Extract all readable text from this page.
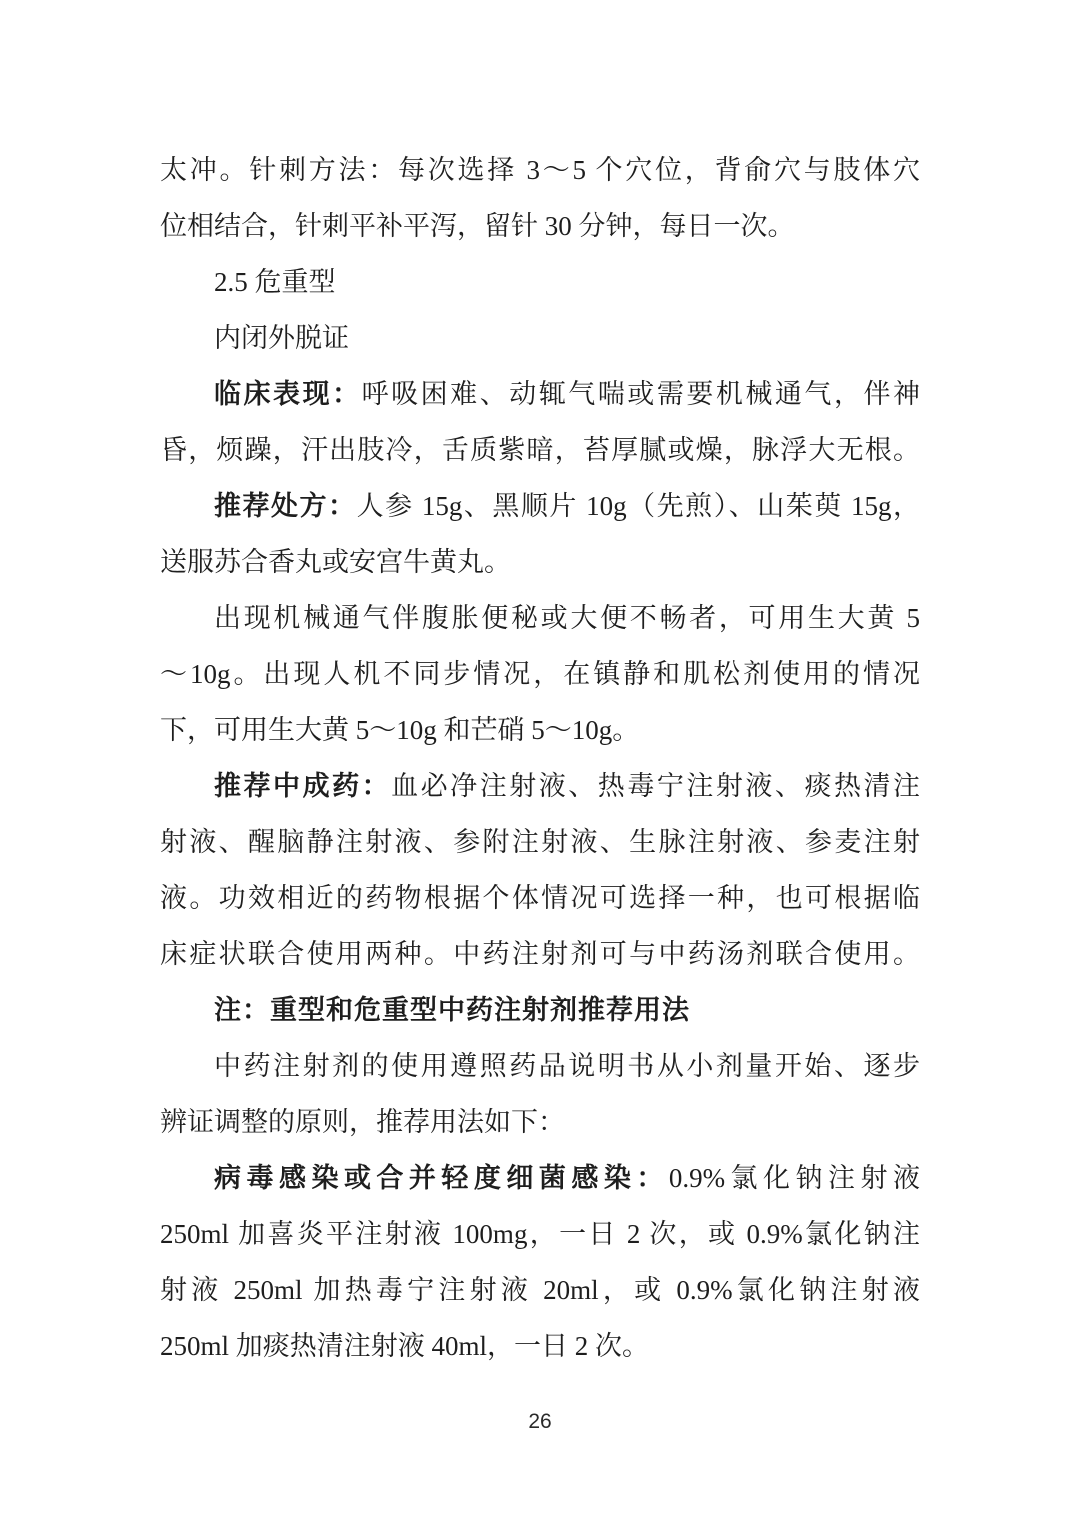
太冲。针刺方法：每次选择 3～5 个穴位，背俞穴与肢体穴
位相结合，针刺平补平泻，留针 30 分钟，每日一次。
2.5 危重型
内闭外脱证
临床表现：呼吸困难、动辄气喘或需要机械通气，伴神
昏，烦躁，汗出肢冷，舌质紫暗，苔厚腻或燥，脉浮大无根。
推荐处方：人参 15g、黑顺片 10g（先煎）、山茱萸 15g，
送服苏合香丸或安宫牛黄丸。
出现机械通气伴腹胀便秘或大便不畅者，可用生大黄 5
～10g。出现人机不同步情况，在镇静和肌松剂使用的情况
下，可用生大黄 5～10g 和芒硝 5～10g。
推荐中成药：血必净注射液、热毒宁注射液、痰热清注
射液、醒脑静注射液、参附注射液、生脉注射液、参麦注射
液。功效相近的药物根据个体情况可选择一种，也可根据临
床症状联合使用两种。中药注射剂可与中药汤剂联合使用。
注：重型和危重型中药注射剂推荐用法
中药注射剂的使用遵照药品说明书从小剂量开始、逐步
辨证调整的原则，推荐用法如下：
病毒感染或合并轻度细菌感染：0.9%氯化钠注射液
250ml 加喜炎平注射液 100mg，一日 2 次，或 0.9%氯化钠注
射液 250ml 加热毒宁注射液 20ml，或 0.9%氯化钠注射液
250ml 加痰热清注射液 40ml，一日 2 次。
26
